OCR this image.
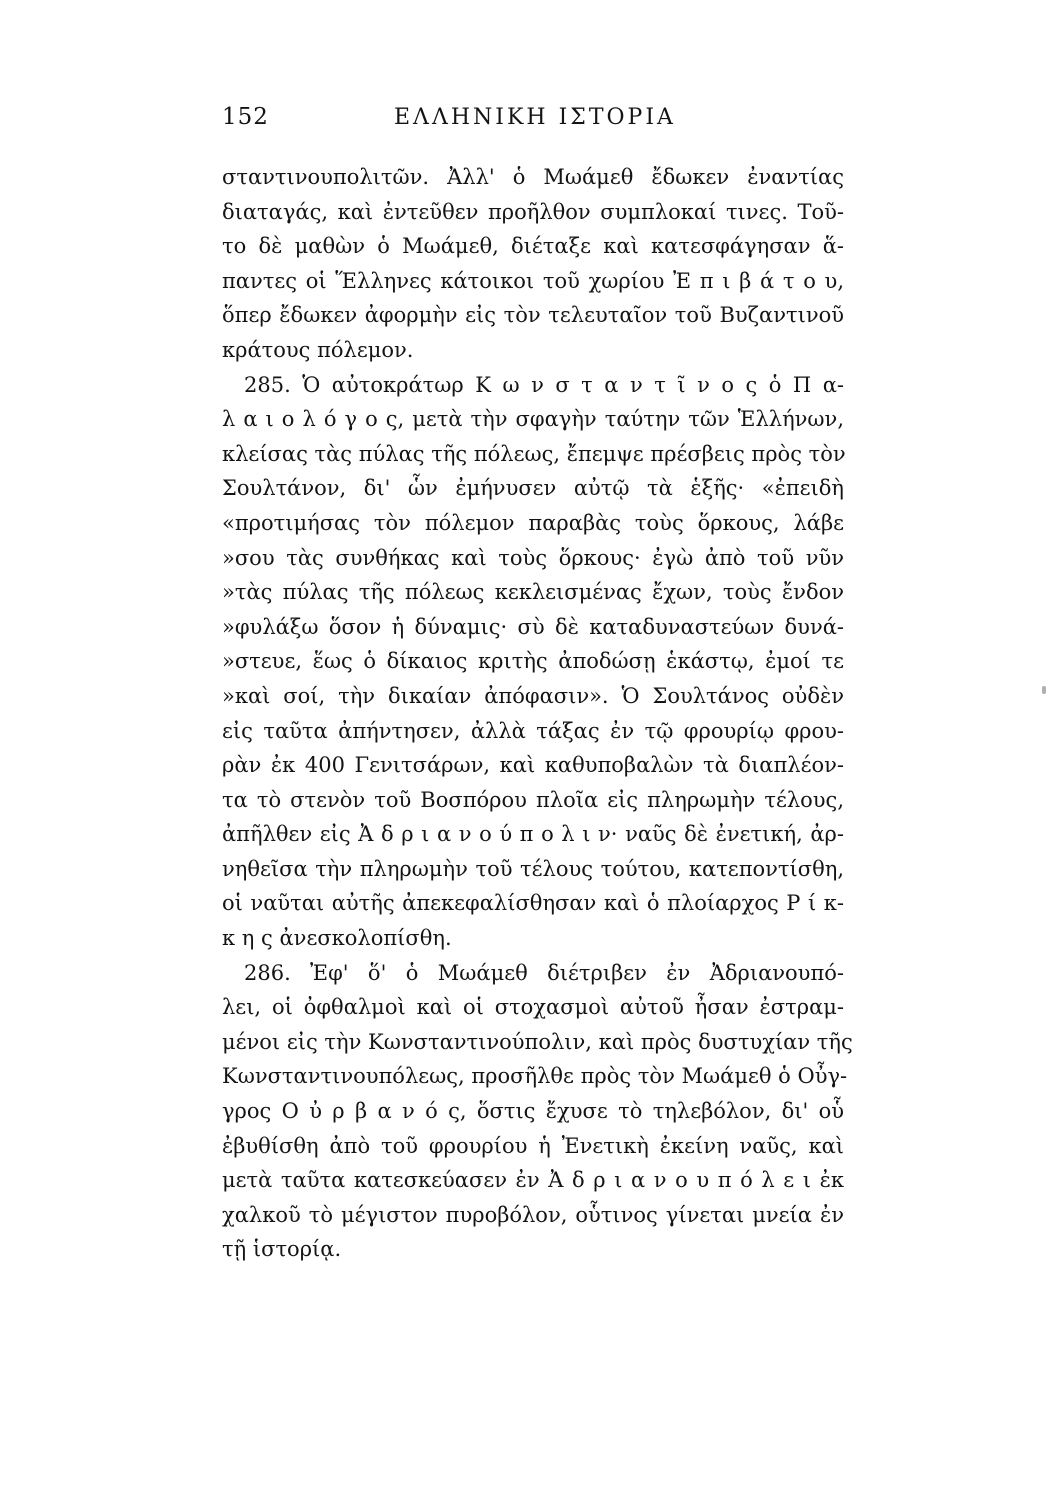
152	ΕΛΛΗΝΙΚΗ ΙΣΤΟΡΙΑ
σταντινουπολιτῶν. Ἀλλ' ὁ Μωάμεθ ἔδωκεν ἐναντίας
διαταγάς, καὶ ἐντεῦθεν προῆλθον συμπλοκαί τινες. Τοῦ-
το δὲ μαθὼν ὁ Μωάμεθ, διέταξε καὶ κατεσφάγησαν ἅ-
παντες οἱ Ἕλληνες κάτοικοι τοῦ χωρίου Ἐ π ι β ά τ ο υ,
ὅπερ ἔδωκεν ἀφορμὴν εἰς τὸν τελευταῖον τοῦ Βυζαντινοῦ
κράτους πόλεμον.
285. Ὁ αὐτοκράτωρ Κ ω ν σ τ α ν τ ῖ ν ο ς ὁ Π α-
λ α ι ο λ ό γ ο ς, μετὰ τὴν σφαγὴν ταύτην τῶν Ἑλλήνων,
κλείσας τὰς πύλας τῆς πόλεως, ἔπεμψε πρέσβεις πρὸς τὸν
Σουλτάνον, δι' ὧν ἐμήνυσεν αὐτῷ τὰ ἑξῆς· «ἐπειδὴ
«προτιμήσας τὸν πόλεμον παραβὰς τοὺς ὅρκους, λάβε
»σου τὰς συνθήκας καὶ τοὺς ὅρκους· ἐγὼ ἀπὸ τοῦ νῦν
»τὰς πύλας τῆς πόλεως κεκλεισμένας ἔχων, τοὺς ἔνδον
»φυλάξω ὅσον ἡ δύναμις· σὺ δὲ καταδυναστεύων δυνά-
»στευε, ἕως ὁ δίκαιος κριτὴς ἀποδώσῃ ἑκάστῳ, ἐμοί τε
»καὶ σοί, τὴν δικαίαν ἀπόφασιν». Ὁ Σουλτάνος οὐδὲν
εἰς ταῦτα ἀπήντησεν, ἀλλὰ τάξας ἐν τῷ φρουρίῳ φρου-
ρὰν ἐκ 400 Γενιτσάρων, καὶ καθυποβαλὼν τὰ διαπλέον-
τα τὸ στενὸν τοῦ Βοσπόρου πλοῖα εἰς πληρωμὴν τέλους,
ἀπῆλθεν εἰς Ἀ δ ρ ι α ν ο ύ π ο λ ι ν· ναῦς δὲ ἐνετική, ἀρ-
νηθεῖσα τὴν πληρωμὴν τοῦ τέλους τούτου, κατεποντίσθη,
οἱ ναῦται αὐτῆς ἀπεκεφαλίσθησαν καὶ ὁ πλοίαρχος Ρ ί κ-
κ η ς ἀνεσκολοπίσθη.
286. Ἐφ' ὅ' ὁ Μωάμεθ διέτριβεν ἐν Ἀδριανουπό-
λει, οἱ ὀφθαλμοὶ καὶ οἱ στοχασμοὶ αὐτοῦ ἦσαν ἐστραμ-
μένοι εἰς τὴν Κωνσταντινούπολιν, καὶ πρὸς δυστυχίαν τῆς
Κωνσταντινουπόλεως, προσῆλθε πρὸς τὸν Μωάμεθ ὁ Οὖγ-
γρος Ο ὐ ρ β α ν ό ς, ὅστις ἔχυσε τὸ τηλεβόλον, δι' οὗ
ἐβυθίσθη ἀπὸ τοῦ φρουρίου ἡ Ἐνετικὴ ἐκείνη ναῦς, καὶ
μετὰ ταῦτα κατεσκεύασεν ἐν Ἀ δ ρ ι α ν ο υ π ό λ ε ι ἐκ
χαλκοῦ τὸ μέγιστον πυροβόλον, οὗτινος γίνεται μνεία ἐν
τῇ ἱστορίᾳ.
